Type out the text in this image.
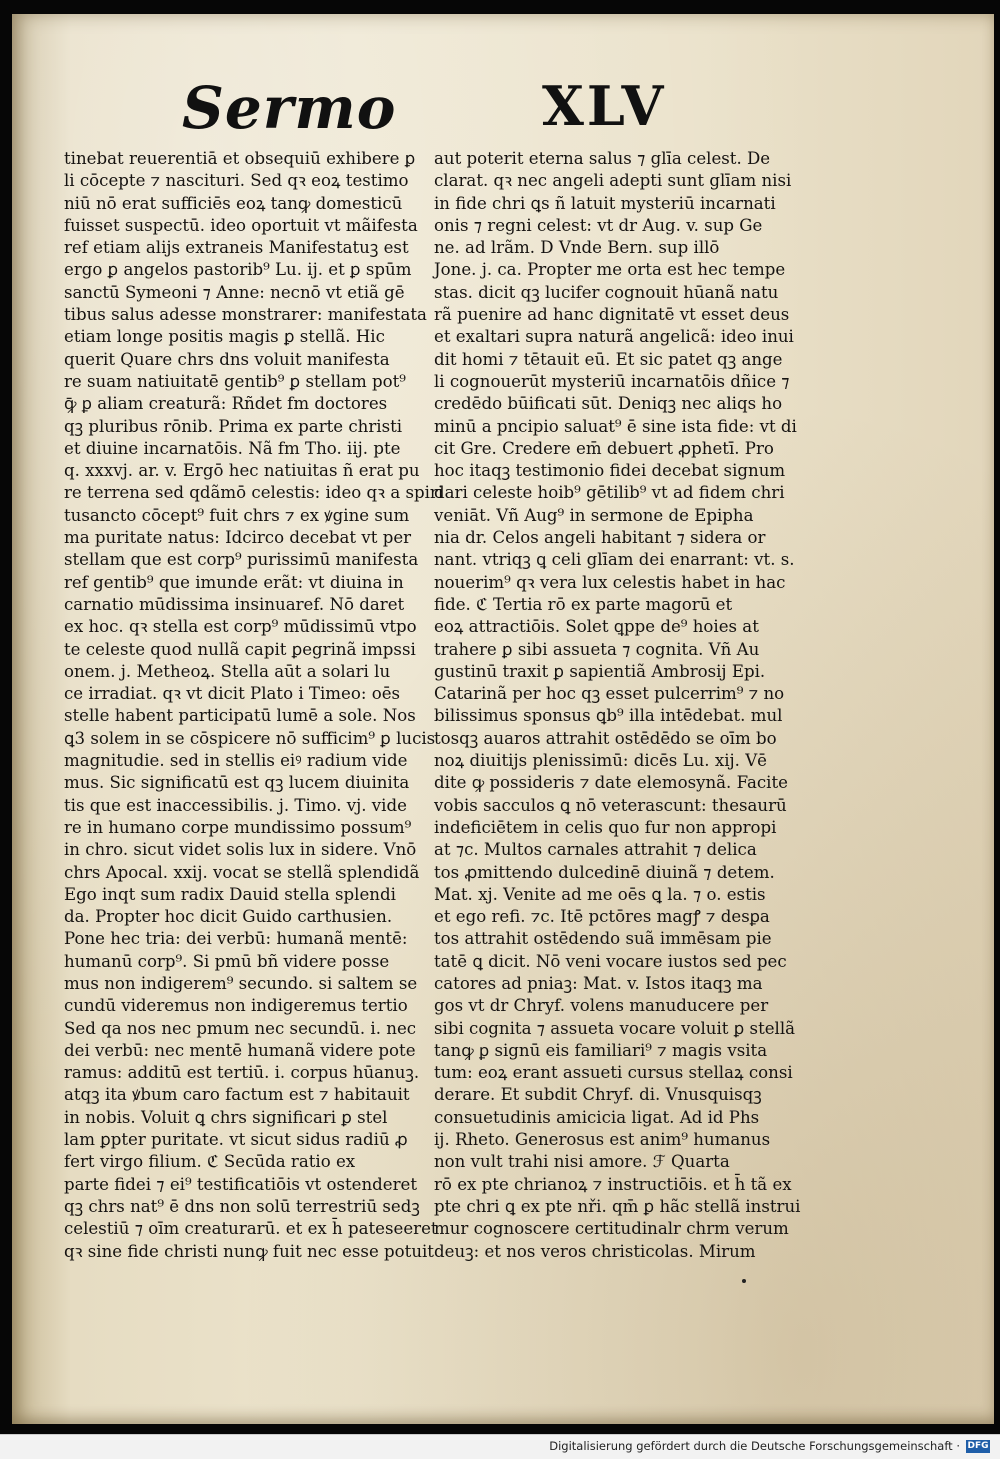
Sermo	XLV
tinebat reuerentiā et obsequiū exhibere ꝑ
li cōcepte ⁊ nascituri. Sed qꝛ eoꝝ testimo
niū nō erat sufficiēs eoꝝ tanꝙ domesticū
fuisset suspectū. ideo oportuit vt mãifesta
ref etiam alijs extraneis Manifestatuꝫ est
ergo ꝑ angelos pastorib⁹ Lu. ij. et ꝑ spūm
sanctū Symeoni ⁊ Anne: necnō vt etiã gē
tibus salus adesse monstrarer: manifestata
etiam longe positis magis ꝑ stellã. Hic
querit Quare chrs dns voluit manifesta
re suam natiuitatē gentib⁹ ꝑ stellam pot⁹
ꝙ̄ ꝑ aliam creaturã: Rñdet fm doctores
qꝫ pluribus rōnib. Prima ex parte christi
et diuine incarnatōis. Nã fm Tho. iij. pte
q. xxxvj. ar. v. Ergō hec natiuitas ñ erat pu
re terrena sed qdãmō celestis: ideo qꝛ a spiri
tusancto cōcept⁹ fuit chrs ⁊ ex ꝟgine sum
ma puritate natus: Idcirco decebat vt per
stellam que est corp⁹ purissimū manifesta
ref gentib⁹ que imunde erãt: vt diuina in
carnatio mūdissima insinuaref. Nō daret
ex hoc. qꝛ stella est corp⁹ mūdissimū vtpo
te celeste quod nullã capit ꝑegrinã impssi
onem. j. Metheoꝝ. Stella aūt a solari lu
ce irradiat. qꝛ vt dicit Plato i Timeo: oēs
stelle habent participatū lumē a sole. Nos
ꝗ3 solem in se cōspicere nō sufficim⁹ ꝑ lucis
magnitudie. sed in stellis eiꝰ radium vide
mus. Sic significatū est qꝫ lucem diuinita
tis que est inaccessibilis. j. Timo. vj. vide
re in humano corpe mundissimo possum⁹
in chro. sicut videt solis lux in sidere. Vnō
chrs Apocal. xxij. vocat se stellã splendidã
Ego inqt sum radix Dauid stella splendi
da. Propter hoc dicit Guido carthusien.
Pone hec tria: dei verbū: humanã mentē:
humanū corp⁹. Si pmū bñ videre posse
mus non indigerem⁹ secundo. si saltem se
cundū videremus non indigeremus tertio
Sed qa nos nec pmum nec secundū. i. nec
dei verbū: nec mentē humanã videre pote
ramus: additū est tertiū. i. corpus hūanuꝫ.
atqꝫ ita ꝟbum caro factum est ⁊ habitauit
in nobis. Voluit ꝗ chrs significari ꝑ stel
lam ꝑpter puritate. vt sicut sidus radiū ꝓ
fert virgo filium. ℭ Secūda ratio ex
parte fidei ⁊ ei⁹ testificatiōis vt ostenderet
qꝫ chrs nat⁹ ē dns non solū terrestriū sedꝫ
celestiū ⁊ oīm creaturarū. et ex h̄ pateseeret
qꝛ sine fide christi nunꝙ fuit nec esse potuit
aut poterit eterna salus ⁊ glīa celest. De
clarat. qꝛ nec angeli adepti sunt glīam nisi
in fide chri ꝗs ñ latuit mysteriū incarnati
onis ⁊ regni celest: vt dr Aug. v. sup Ge
ne. ad lrãm. D Vnde Bern. sup illō
Jone. j. ca. Propter me orta est hec tempe
stas. dicit qꝫ lucifer cognouit hūanã natu
rã puenire ad hanc dignitatē vt esset deus
et exaltari supra naturã angelicã: ideo inui
dit homi ⁊ tētauit eū. Et sic patet qꝫ ange
li cognouerūt mysteriū incarnatōis dñice ⁊
credēdo būificati sūt. Deniqꝫ nec aliqs ho
minū a pncipio saluat⁹ ē sine ista fide: vt di
cit Gre. Credere em̄ debuert ꝓphetī. Pro
hoc itaqꝫ testimonio fidei decebat signum
dari celeste hoib⁹ gētilib⁹ vt ad fidem chri
veniāt. Vñ Aug⁹ in sermone de Epipha
nia dr. Celos angeli habitant ⁊ sidera or
nant. vtriqꝫ ꝗ celi glīam dei enarrant: vt. s.
nouerim⁹ qꝛ vera lux celestis habet in hac
fide. ℭ Tertia rō ex parte magorū et
eoꝝ attractiōis. Solet ꝗppe de⁹ hoies at
trahere ꝑ sibi assueta ⁊ cognita. Vñ Au
gustinū traxit ꝑ sapientiã Ambrosij Epi.
Catarinã per hoc qꝫ esset pulcerrim⁹ ⁊ no
bilissimus sponsus ꝗb⁹ illa intēdebat. mul
tosqꝫ auaros attrahit ostēdēdo se oīm bo
noꝝ diuitijs plenissimū: dicēs Lu. xij. Vē
dite ꝙ possideris ⁊ date elemosynã. Facite
vobis sacculos ꝗ nō veterascunt: thesaurū
indeficiētem in celis quo fur non appropi
at ⁊c. Multos carnales attrahit ⁊ delica
tos ꝓmittendo dulcedinē diuinã ⁊ detem.
Mat. xj. Venite ad me oēs ꝗ la. ⁊ o. estis
et ego refi. ⁊c. Itē pctōres magꝭ ⁊ desꝑa
tos attrahit ostēdendo suã immēsam pie
tatē ꝗ dicit. Nō veni vocare iustos sed pec
catores ad pniaꝫ: Mat. v. Istos itaqꝫ ma
gos vt dr Chryf. volens manuducere per
sibi cognita ⁊ assueta vocare voluit ꝑ stellã
tanꝙ ꝑ signū eis familiari⁹ ⁊ magis vsita
tum: eoꝝ erant assueti cursus stellaꝝ consi
derare. Et subdit Chryf. di. Vnusquisqꝫ
consuetudinis amicicia ligat. Ad id Phs
ij. Rheto. Generosus est anim⁹ humanus
non vult trahi nisi amore. ℱ Quarta
rō ex pte chrianoꝝ ⁊ instructiōis. et h̄ tã ex
pte chri ꝗ ex pte nři. qm̄ ꝑ hãc stellã instrui
mur cognoscere certitudinalr chrm verum
deuꝫ: et nos veros christicolas. Mirum
Digitalisierung gefördert durch die Deutsche Forschungsgemeinschaft · DFG
